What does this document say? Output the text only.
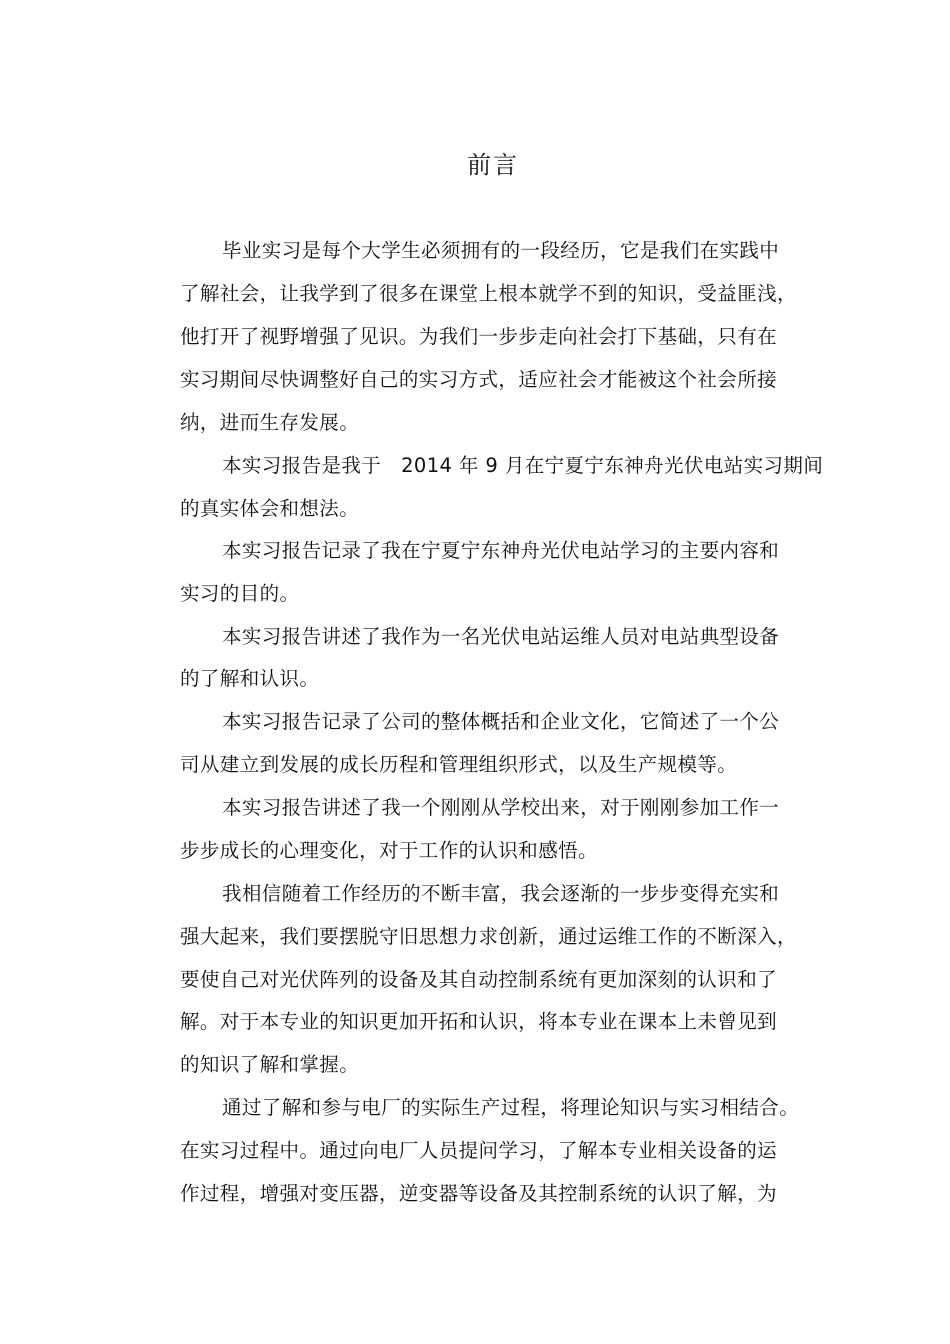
前言
毕业实习是每个大学生必须拥有的一段经历，它是我们在实践中
了解社会，让我学到了很多在课堂上根本就学不到的知识，受益匪浅，
他打开了视野增强了见识。为我们一步步走向社会打下基础，只有在
实习期间尽快调整好自己的实习方式，适应社会才能被这个社会所接
纳，进而生存发展。
本实习报告是我于　2014 年 9 月在宁夏宁东神舟光伏电站实习期间
的真实体会和想法。
本实习报告记录了我在宁夏宁东神舟光伏电站学习的主要内容和
实习的目的。
本实习报告讲述了我作为一名光伏电站运维人员对电站典型设备
的了解和认识。
本实习报告记录了公司的整体概括和企业文化，它简述了一个公
司从建立到发展的成长历程和管理组织形式，以及生产规模等。
本实习报告讲述了我一个刚刚从学校出来，对于刚刚参加工作一
步步成长的心理变化，对于工作的认识和感悟。
我相信随着工作经历的不断丰富，我会逐渐的一步步变得充实和
强大起来，我们要摆脱守旧思想力求创新，通过运维工作的不断深入，
要使自己对光伏阵列的设备及其自动控制系统有更加深刻的认识和了
解。对于本专业的知识更加开拓和认识，将本专业在课本上未曾见到
的知识了解和掌握。
通过了解和参与电厂的实际生产过程，将理论知识与实习相结合。
在实习过程中。通过向电厂人员提问学习，了解本专业相关设备的运
作过程，增强对变压器，逆变器等设备及其控制系统的认识了解，为
